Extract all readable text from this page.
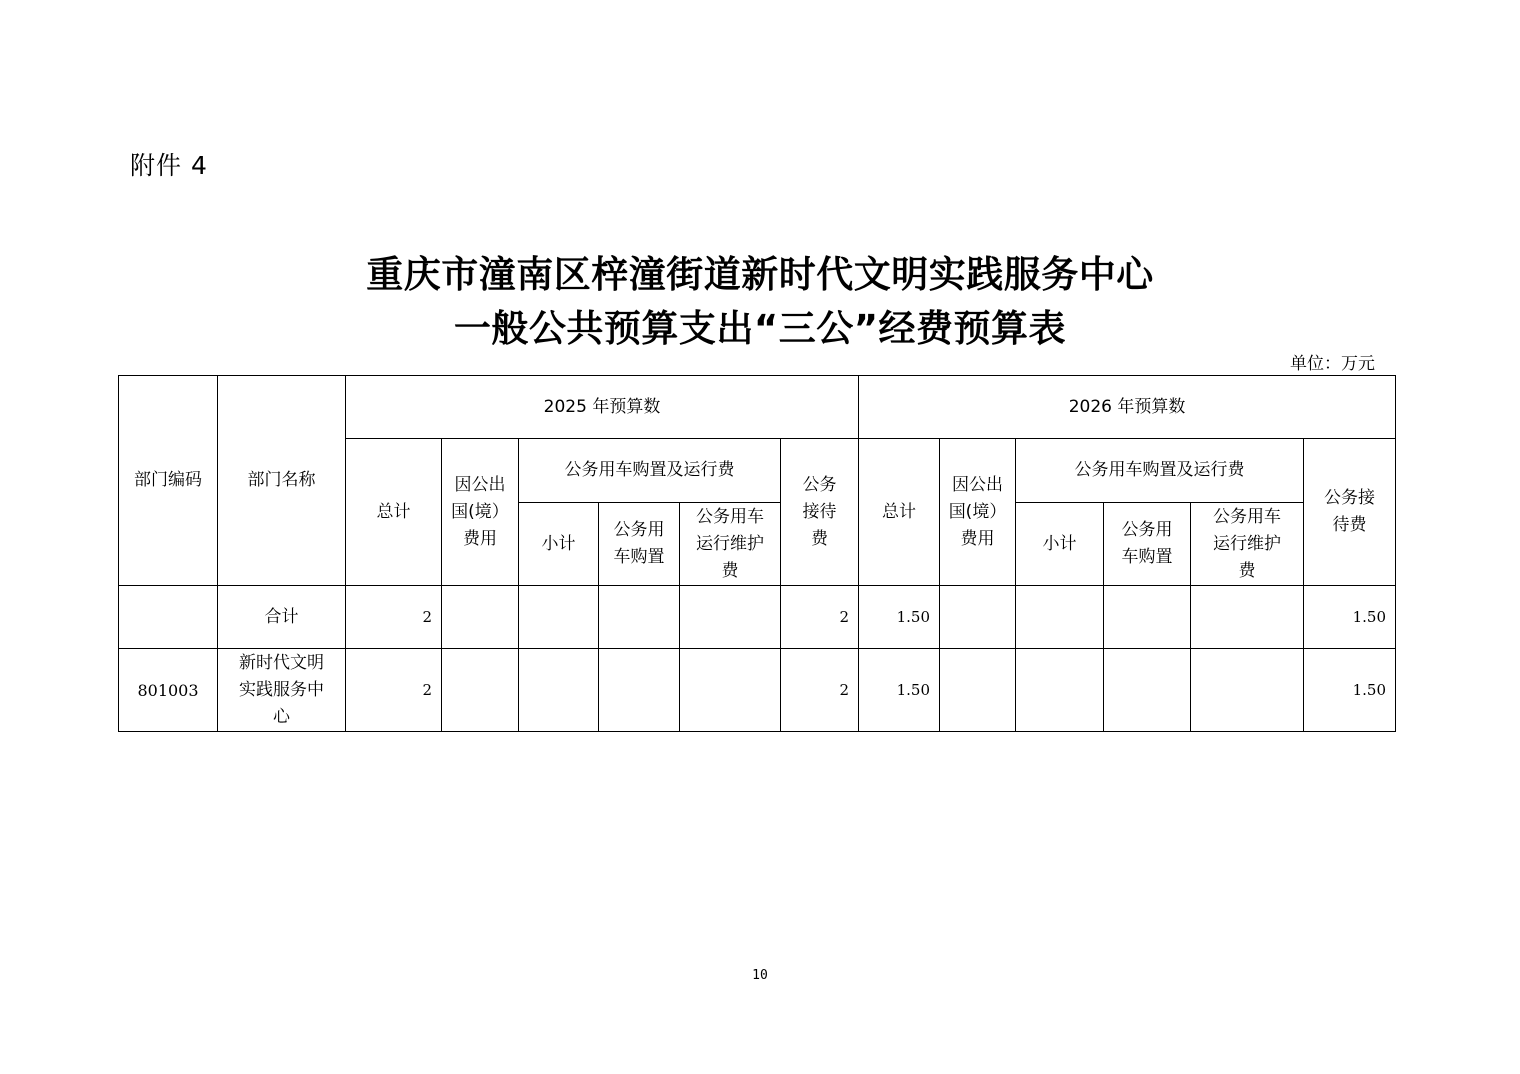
附件 4
重庆市潼南区梓潼街道新时代文明实践服务中心
一般公共预算支出“三公”经费预算表
单位：万元
部门编码	部门名称	2025 年预算数						2026 年预算数					
		总计	因公出国(境）费用	公务用车购置及运行费			公务接待费	总计	因公出国(境）费用	公务用车购置及运行费			公务接待费
				小计	公务用车购置	公务用车运行维护费				小计	公务用车购置	公务用车运行维护费	
	合计	2					2	1.50					1.50
801003	新时代文明实践服务中心	2					2	1.50					1.50
10
